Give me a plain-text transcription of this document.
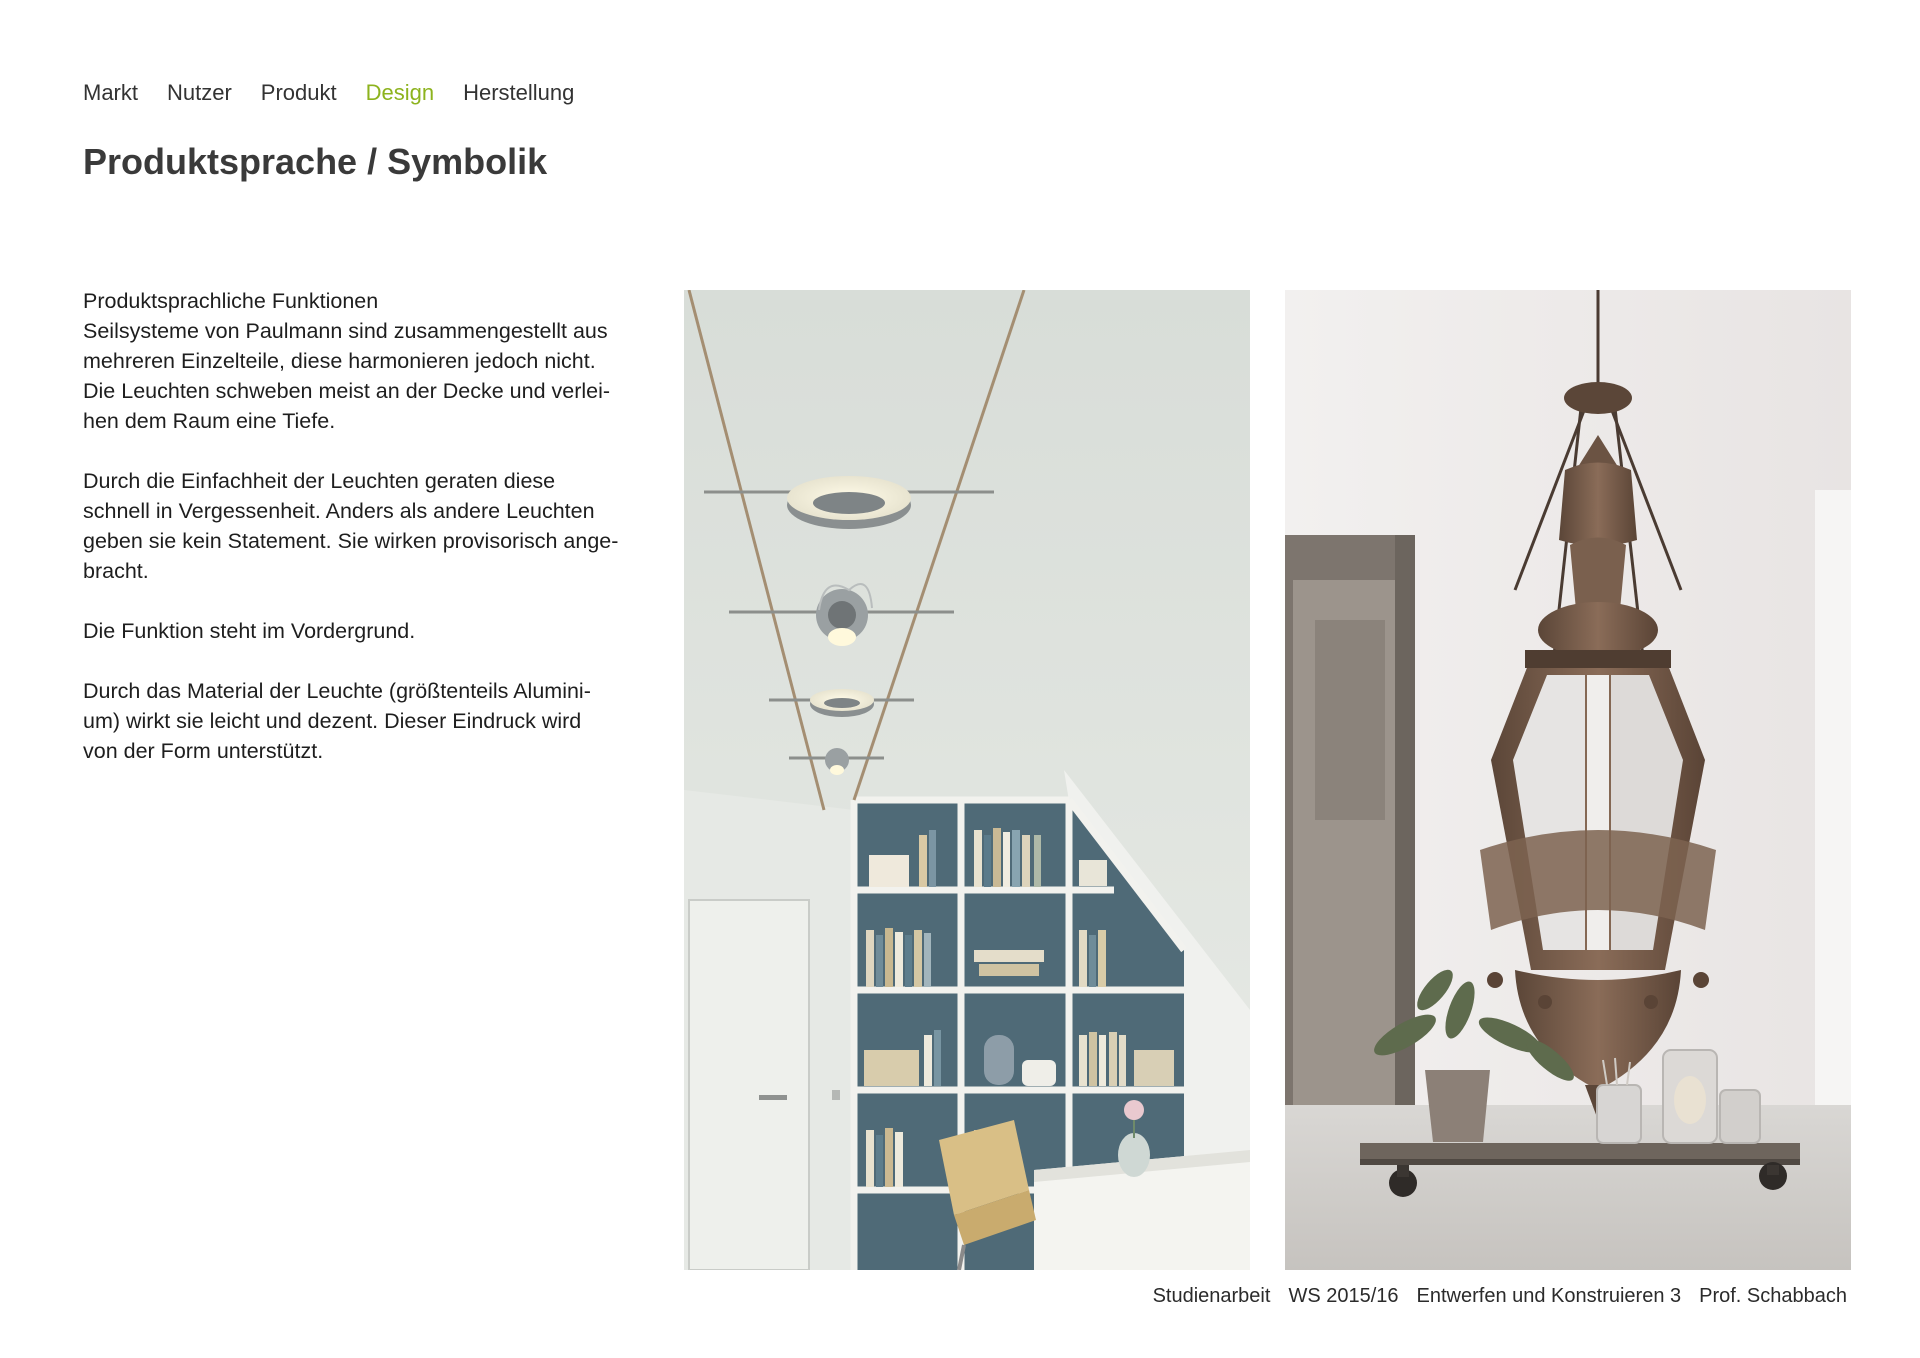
Markt Nutzer Produkt Design Herstellung
Produktsprache / Symbolik

Produktsprachliche Funktionen
Seilsysteme von Paulmann sind zusammengestellt aus
mehreren Einzelteile, diese harmonieren jedoch nicht.
Die Leuchten schweben meist an der Decke und verlei-
hen dem Raum eine Tiefe.

Durch die Einfachheit der Leuchten geraten diese
schnell in Vergessenheit. Anders als andere Leuchten
geben sie kein Statement. Sie wirken provisorisch ange-
bracht.

Die Funktion steht im Vordergrund.

Durch das Material der Leuchte (größtenteils Alumini-
um) wirkt sie leicht und dezent. Dieser Eindruck wird
von der Form unterstützt.

Studienarbeit WS 2015/16 Entwerfen und Konstruieren 3 Prof. Schabbach
